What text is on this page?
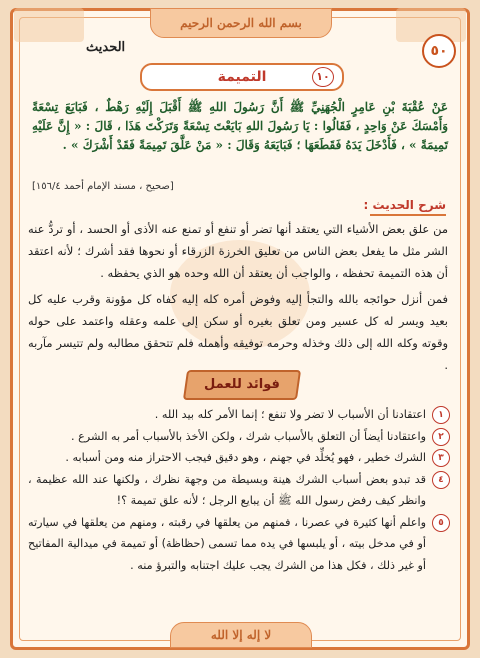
بسم الله الرحمن الرحيم
٥٠
الحديث
١٠
التميمة
عَنْ عُقْبَةَ بْنِ عَامِرٍ الْجُهَنِيِّ ﷺ أَنَّ رَسُولَ اللهِ ﷺ أَقْبَلَ إِلَيْهِ رَهْطٌ ، فَبَايَعَ تِسْعَةً وَأَمْسَكَ عَنْ وَاحِدٍ ، فَقَالُوا : يَا رَسُولَ اللهِ بَايَعْتَ تِسْعَةً وَتَرَكْتَ هَذَا ، قَالَ : « إِنَّ عَلَيْهِ تَمِيمَةً » ، فَأَدْخَلَ يَدَهُ فَقَطَعَهَا ؛ فَبَايَعَهُ وَقَالَ : « مَنْ عَلَّقَ تَمِيمَةً فَقَدْ أَشْرَكَ » .
[صحيح ، مسند الإمام أحمد ١٥٦/٤]
شرح الحديث :

من علق بعض الأشياء التي يعتقد أنها تضر أو تنفع أو تمنع عنه الأذى أو الحسد ، أو تردُّ عنه الشر مثل ما يفعل بعض الناس من تعليق الخرزة الزرقاء أو نحوها فقد أشرك ؛ لأنه اعتقد أن هذه التميمة تحفظه ، والواجب أن يعتقد أن الله وحده هو الذي يحفظه .

فمن أنزل حوائجه بالله والتجأ إليه وفوض أمره كله إليه كفاه كل مؤونة وقرب عليه كل بعيد ويسر له كل عسير ومن تعلق بغيره أو سكن إلى علمه وعقله واعتمد على حوله وقوته وكله الله إلى ذلك وخذله وحرمه توفيقه وأهمله فلم تتحقق مطالبه ولم تتيسر مآربه .

فوائد للعمل
١
اعتقادنا أن الأسباب لا تضر ولا تنفع ؛ إنما الأمر كله بيد الله .
٢
واعتقادنا أيضاً أن التعلق بالأسباب شرك ، ولكن الأخذ بالأسباب أمر به الشرع .
٣
الشرك خطير ، فهو يُخلِّد في جهنم ، وهو دقيق فيجب الاحتراز منه ومن أسبابه .
٤
قد تبدو بعض أسباب الشرك هينة وبسيطة من وجهة نظرك ، ولكنها عند الله عظيمة ، وانظر كيف رفض رسول الله ﷺ أن يبايع الرجل ؛ لأنه علق تميمة ؟!
٥
واعلم أنها كثيرة في عصرنا ، فمنهم من يعلقها في رقبته ، ومنهم من يعلقها في سيارته أو في مدخل بيته ، أو يلبسها في يده مما تسمى (حظاظة) أو تميمة في ميدالية المفاتيح أو غير ذلك ، فكل هذا من الشرك يجب عليك اجتنابه والتبرؤ منه .
لا إله إلا الله
